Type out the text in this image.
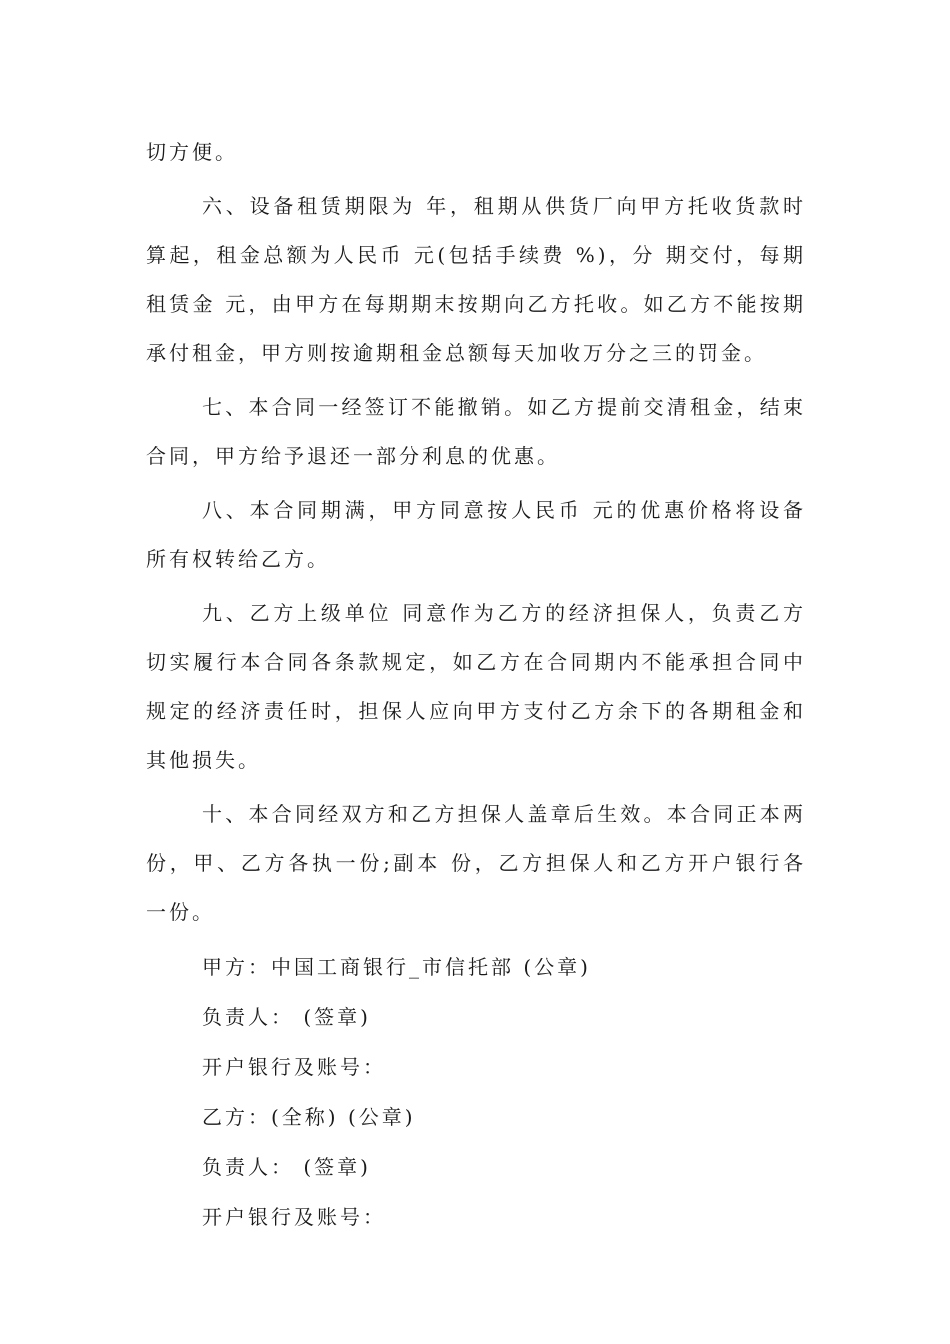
切方便。

六、设备租赁期限为 年，租期从供货厂向甲方托收货款时算起，租金总额为人民币 元(包括手续费 %)，分 期交付，每期租赁金 元，由甲方在每期期末按期向乙方托收。如乙方不能按期承付租金，甲方则按逾期租金总额每天加收万分之三的罚金。

七、本合同一经签订不能撤销。如乙方提前交清租金，结束合同，甲方给予退还一部分利息的优惠。

八、本合同期满，甲方同意按人民币 元的优惠价格将设备所有权转给乙方。

九、乙方上级单位 同意作为乙方的经济担保人，负责乙方切实履行本合同各条款规定，如乙方在合同期内不能承担合同中规定的经济责任时，担保人应向甲方支付乙方余下的各期租金和其他损失。

十、本合同经双方和乙方担保人盖章后生效。本合同正本两份，甲、乙方各执一份;副本 份，乙方担保人和乙方开户银行各一份。

甲方：中国工商银行_市信托部 (公章)

负责人： (签章)

开户银行及账号：

乙方：(全称) (公章)

负责人： (签章)

开户银行及账号：
